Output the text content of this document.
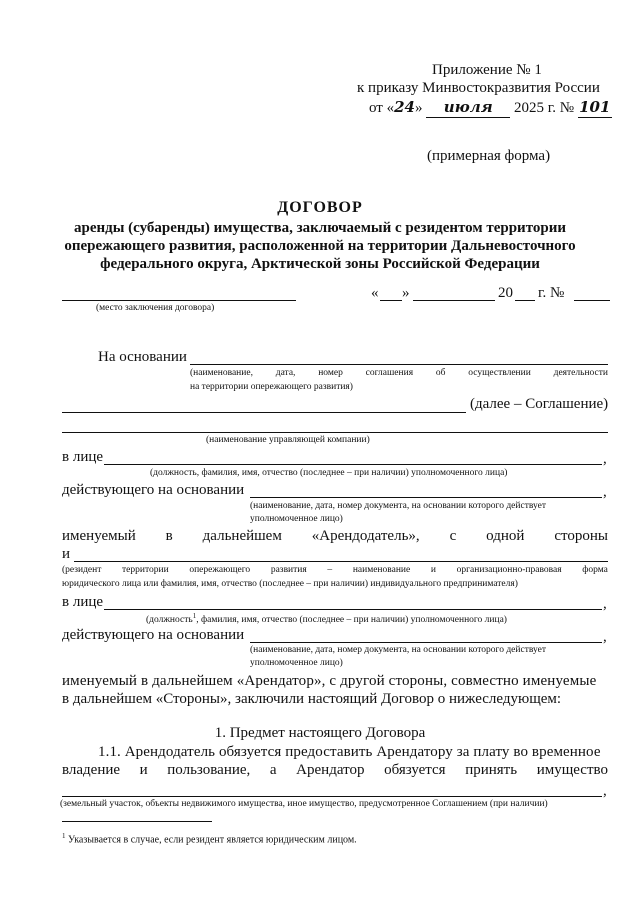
Приложение № 1
к приказу Минвостокразвития России
от «24» июля 2025 г. № 101
(примерная форма)
ДОГОВОР
аренды (субаренды) имущества, заключаемый с резидентом территории
опережающего развития, расположенной на территории Дальневосточного
федерального округа, Арктической зоны Российской Федерации
(место заключения договора)
« »	20 г. №
На основании
(наименование, дата, номер соглашения об осуществлении деятельности
на территории опережающего развития)
(далее – Соглашение)
(наименование управляющей компании)
в лице	,
(должность, фамилия, имя, отчество (последнее – при наличии) уполномоченного лица)
действующего на основании	,
(наименование, дата, номер документа, на основании которого действует
уполномоченное лицо)
именуемый в дальнейшем «Арендодатель», с одной стороны
и
(резидент территории опережающего развития – наименование и организационно-правовая форма
юридического лица или фамилия, имя, отчество (последнее – при наличии) индивидуального предпринимателя)
в лице	,
(должность$^1$, фамилия, имя, отчество (последнее – при наличии) уполномоченного лица)
действующего на основании	,
(наименование, дата, номер документа, на основании которого действует
уполномоченное лицо)
именуемый в дальнейшем «Арендатор», с другой стороны, совместно именуемые
в дальнейшем «Стороны», заключили настоящий Договор о нижеследующем:
1. Предмет настоящего Договора
1.1. Арендодатель обязуется предоставить Арендатору за плату во временное
владение и пользование, а Арендатор обязуется принять имущество
,
(земельный участок, объекты недвижимого имущества, иное имущество, предусмотренное Соглашением (при наличии)
$^1$ Указывается в случае, если резидент является юридическим лицом.
